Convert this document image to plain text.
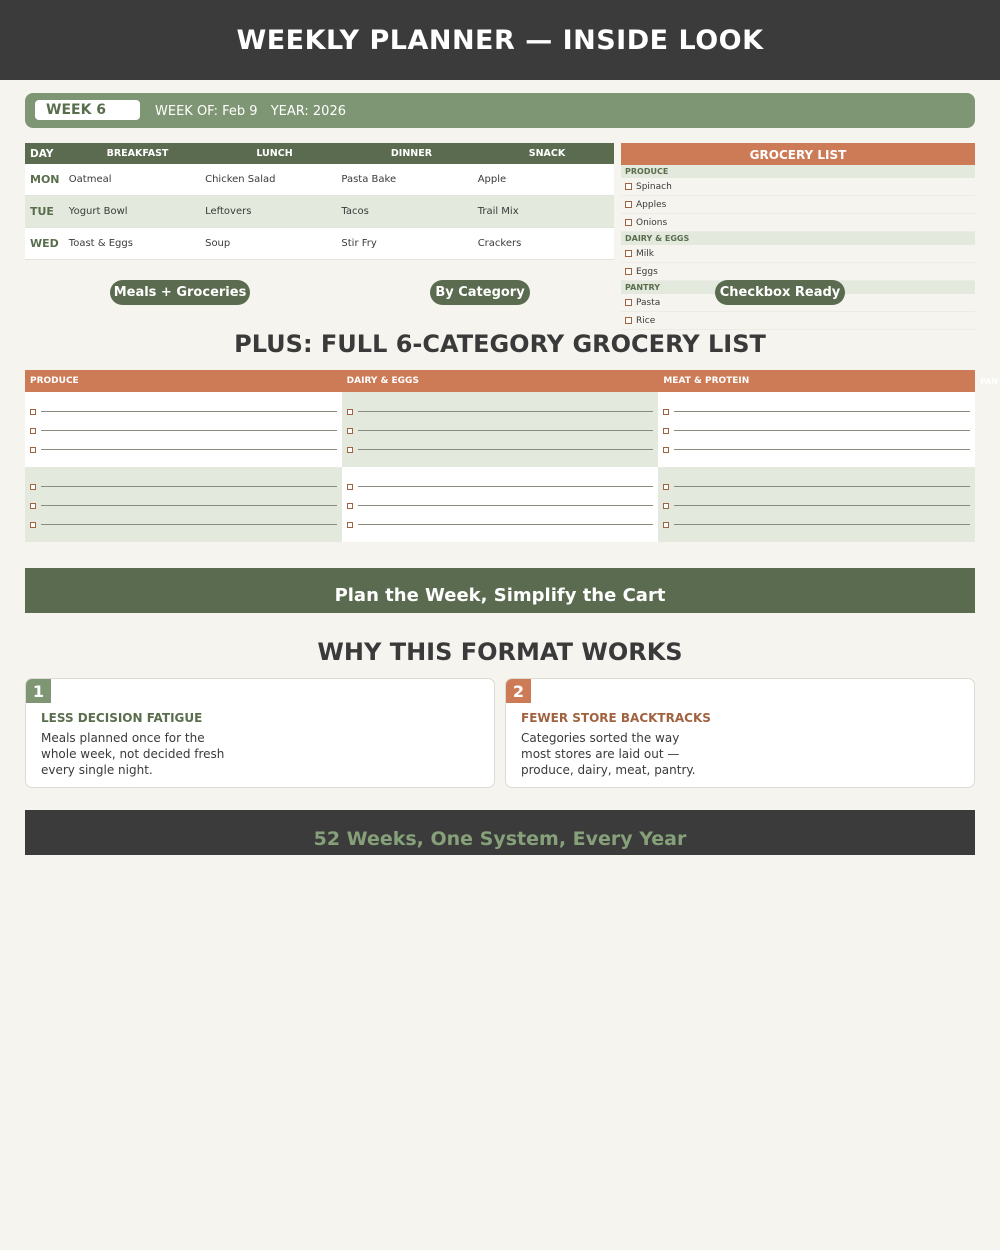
WEEKLY PLANNER — INSIDE LOOK
WEEK 6	WEEK OF: Feb 9 YEAR: 2026
DAY	BREAKFAST	LUNCH	DINNER	SNACK
MON Oatmeal	Chicken Salad	Pasta Bake	Apple
TUE	Yogurt Bowl	Leftovers	Tacos	Trail Mix
WED	Toast & Eggs	Soup	Stir Fry	Crackers
GROCERY LIST
PRODUCE
Spinach
Apples
Onions
DAIRY & EGGS
Milk
Eggs
PANTRY
Pasta
Rice
Meals + Groceries	By Category	Checkbox Ready
PLUS: FULL 6-CATEGORY GROCERY LIST
PRODUCE	DAIRY & EGGS	MEAT & PROTEIN	PAN
Plan the Week, Simplify the Cart
WHY THIS FORMAT WORKS
1
LESS DECISION FATIGUE
Meals planned once for the whole week, not decided fresh every single night.
2
FEWER STORE BACKTRACKS
Categories sorted the way most stores are laid out — produce, dairy, meat, pantry.
52 Weeks, One System, Every Year
